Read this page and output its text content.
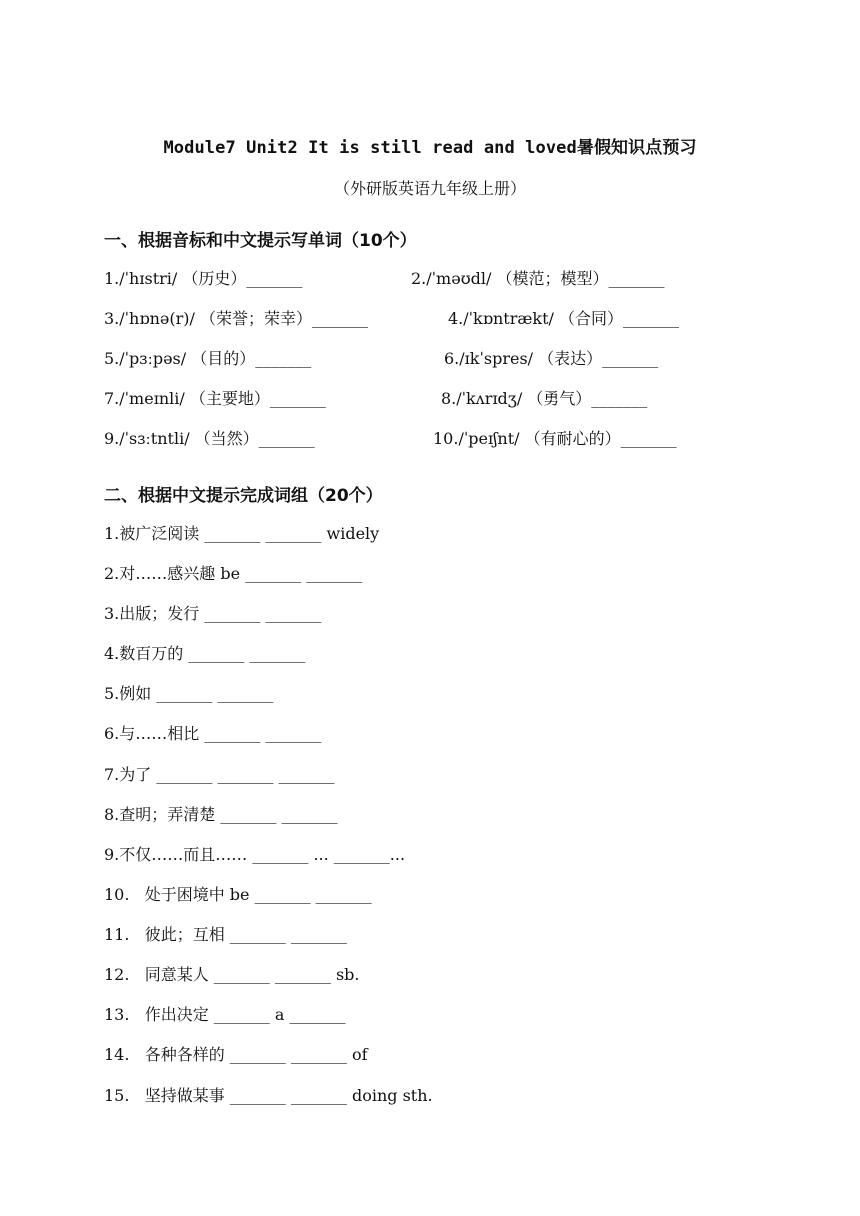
Module7 Unit2 It is still read and loved暑假知识点预习
（外研版英语九年级上册）
一、根据音标和中文提示写单词（10个）
1./ˈhɪstri/ （历史）_______	2./ˈməʊdl/ （模范；模型）_______
3./ˈhɒnə(r)/ （荣誉；荣幸）_______	4./ˈkɒntrækt/ （合同）_______
5./ˈpɜːpəs/ （目的）_______	6./ɪkˈspres/ （表达）_______
7./ˈmeɪnli/ （主要地）_______	8./ˈkʌrɪdʒ/ （勇气）_______
9./ˈsɜːtntli/ （当然）_______	10./ˈpeɪʃnt/ （有耐心的）_______
二、根据中文提示完成词组（20个）
1.被广泛阅读 _______ _______ widely
2.对……感兴趣 be _______ _______
3.出版；发行 _______ _______
4.数百万的 _______ _______
5.例如 _______ _______
6.与……相比 _______ _______
7.为了 _______ _______ _______
8.查明；弄清楚 _______ _______
9.不仅……而且…… _______ ... _______...
10.   处于困境中 be _______ _______
11.   彼此；互相 _______ _______
12.   同意某人 _______ _______ sb.
13.   作出决定 _______ a _______
14.   各种各样的 _______ _______ of
15.   坚持做某事 _______ _______ doing sth.
